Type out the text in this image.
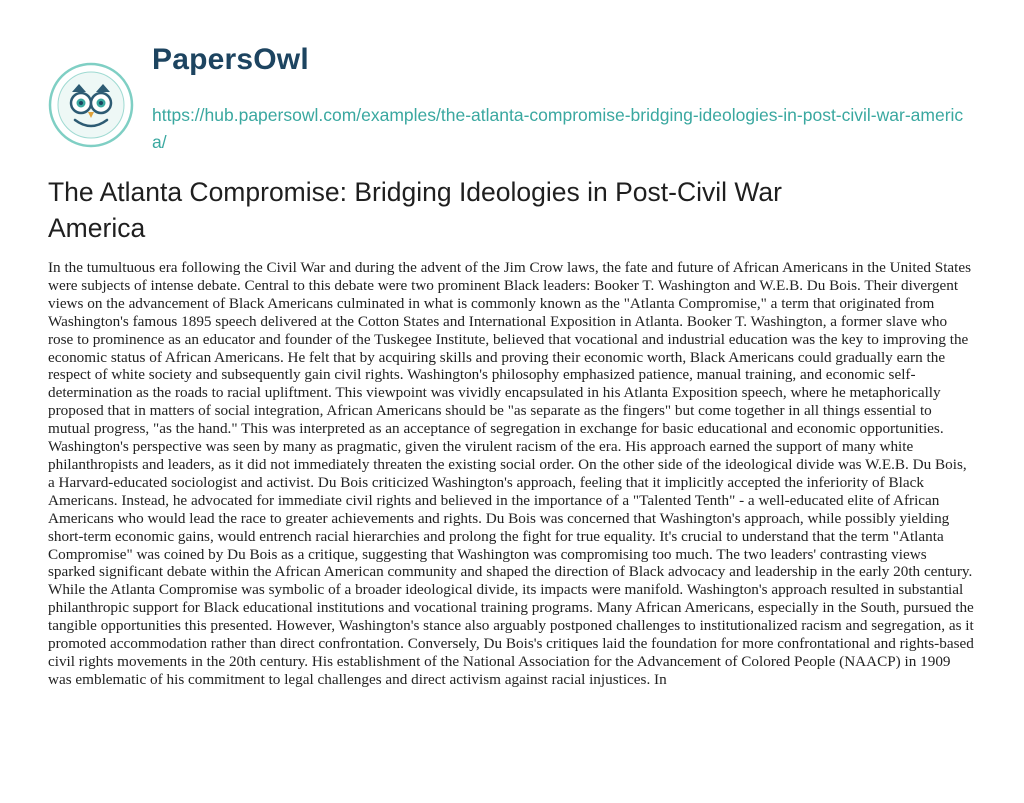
PapersOwl
https://hub.papersowl.com/examples/the-atlanta-compromise-bridging-ideologies-in-post-civil-war-america/
The Atlanta Compromise: Bridging Ideologies in Post-Civil War America

In the tumultuous era following the Civil War and during the advent of the Jim Crow laws, the fate and future of African Americans in the United States were subjects of intense debate. Central to this debate were two prominent Black leaders: Booker T. Washington and W.E.B. Du Bois. Their divergent views on the advancement of Black Americans culminated in what is commonly known as the "Atlanta Compromise," a term that originated from Washington's famous 1895 speech delivered at the Cotton States and International Exposition in Atlanta. Booker T. Washington, a former slave who rose to prominence as an educator and founder of the Tuskegee Institute, believed that vocational and industrial education was the key to improving the economic status of African Americans. He felt that by acquiring skills and proving their economic worth, Black Americans could gradually earn the respect of white society and subsequently gain civil rights. Washington's philosophy emphasized patience, manual training, and economic self-determination as the roads to racial upliftment. This viewpoint was vividly encapsulated in his Atlanta Exposition speech, where he metaphorically proposed that in matters of social integration, African Americans should be "as separate as the fingers" but come together in all things essential to mutual progress, "as the hand." This was interpreted as an acceptance of segregation in exchange for basic educational and economic opportunities. Washington's perspective was seen by many as pragmatic, given the virulent racism of the era. His approach earned the support of many white philanthropists and leaders, as it did not immediately threaten the existing social order. On the other side of the ideological divide was W.E.B. Du Bois, a Harvard-educated sociologist and activist. Du Bois criticized Washington's approach, feeling that it implicitly accepted the inferiority of Black Americans. Instead, he advocated for immediate civil rights and believed in the importance of a "Talented Tenth" - a well-educated elite of African Americans who would lead the race to greater achievements and rights. Du Bois was concerned that Washington's approach, while possibly yielding short-term economic gains, would entrench racial hierarchies and prolong the fight for true equality. It's crucial to understand that the term "Atlanta Compromise" was coined by Du Bois as a critique, suggesting that Washington was compromising too much. The two leaders' contrasting views sparked significant debate within the African American community and shaped the direction of Black advocacy and leadership in the early 20th century. While the Atlanta Compromise was symbolic of a broader ideological divide, its impacts were manifold. Washington's approach resulted in substantial philanthropic support for Black educational institutions and vocational training programs. Many African Americans, especially in the South, pursued the tangible opportunities this presented. However, Washington's stance also arguably postponed challenges to institutionalized racism and segregation, as it promoted accommodation rather than direct confrontation. Conversely, Du Bois's critiques laid the foundation for more confrontational and rights-based civil rights movements in the 20th century. His establishment of the National Association for the Advancement of Colored People (NAACP) in 1909 was emblematic of his commitment to legal challenges and direct activism against racial injustices. In
